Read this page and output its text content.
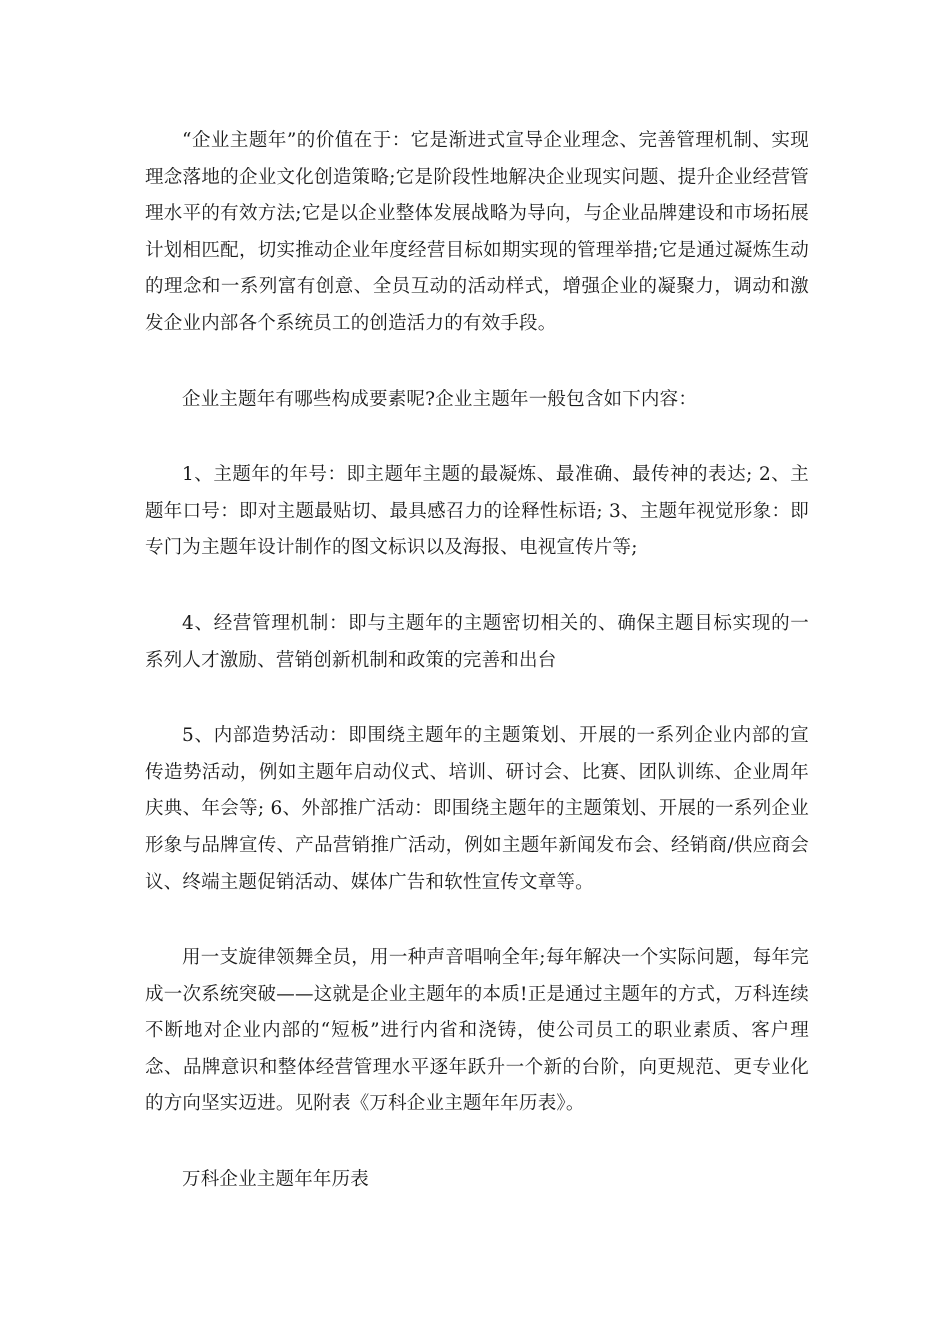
“企业主题年”的价值在于：它是渐进式宣导企业理念、完善管理机制、实现理念落地的企业文化创造策略;它是阶段性地解决企业现实问题、提升企业经营管理水平的有效方法;它是以企业整体发展战略为导向，与企业品牌建设和市场拓展计划相匹配，切实推动企业年度经营目标如期实现的管理举措;它是通过凝炼生动的理念和一系列富有创意、全员互动的活动样式，增强企业的凝聚力，调动和激发企业内部各个系统员工的创造活力的有效手段。

企业主题年有哪些构成要素呢?企业主题年一般包含如下内容：

1、主题年的年号：即主题年主题的最凝炼、最准确、最传神的表达; 2、主题年口号：即对主题最贴切、最具感召力的诠释性标语; 3、主题年视觉形象：即专门为主题年设计制作的图文标识以及海报、电视宣传片等;

4、经营管理机制：即与主题年的主题密切相关的、确保主题目标实现的一系列人才激励、营销创新机制和政策的完善和出台

5、内部造势活动：即围绕主题年的主题策划、开展的一系列企业内部的宣传造势活动，例如主题年启动仪式、培训、研讨会、比赛、团队训练、企业周年庆典、年会等; 6、外部推广活动：即围绕主题年的主题策划、开展的一系列企业形象与品牌宣传、产品营销推广活动，例如主题年新闻发布会、经销商/供应商会议、终端主题促销活动、媒体广告和软性宣传文章等。

用一支旋律领舞全员，用一种声音唱响全年;每年解决一个实际问题，每年完成一次系统突破——这就是企业主题年的本质!正是通过主题年的方式，万科连续不断地对企业内部的“短板”进行内省和浇铸，使公司员工的职业素质、客户理念、品牌意识和整体经营管理水平逐年跃升一个新的台阶，向更规范、更专业化的方向坚实迈进。见附表《万科企业主题年年历表》。

万科企业主题年年历表
